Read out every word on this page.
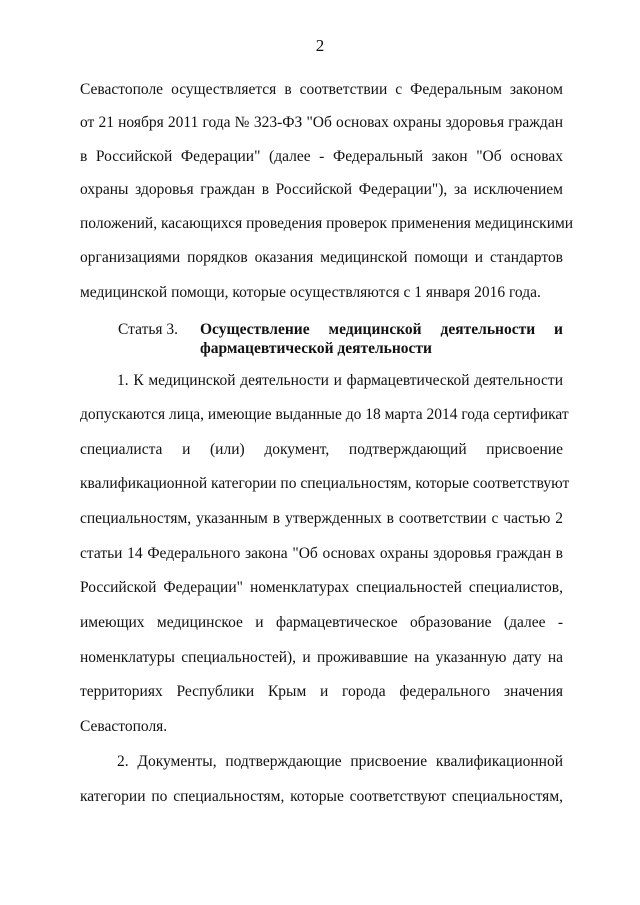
2
Севастополе осуществляется в соответствии с Федеральным законом
от 21 ноября 2011 года № 323-ФЗ "Об основах охраны здоровья граждан
в Российской Федерации" (далее - Федеральный закон "Об основах
охраны здоровья граждан в Российской Федерации"), за исключением
положений, касающихся проведения проверок применения медицинскими
организациями порядков оказания медицинской помощи и стандартов
медицинской помощи, которые осуществляются с 1 января 2016 года.
Статья 3. Осуществление медицинской деятельности и
фармацевтической деятельности
1. К медицинской деятельности и фармацевтической деятельности
допускаются лица, имеющие выданные до 18 марта 2014 года сертификат
специалиста и (или) документ, подтверждающий присвоение
квалификационной категории по специальностям, которые соответствуют
специальностям, указанным в утвержденных в соответствии с частью 2
статьи 14 Федерального закона "Об основах охраны здоровья граждан в
Российской Федерации" номенклатурах специальностей специалистов,
имеющих медицинское и фармацевтическое образование (далее -
номенклатуры специальностей), и проживавшие на указанную дату на
территориях Республики Крым и города федерального значения
Севастополя.
2. Документы, подтверждающие присвоение квалификационной
категории по специальностям, которые соответствуют специальностям,
